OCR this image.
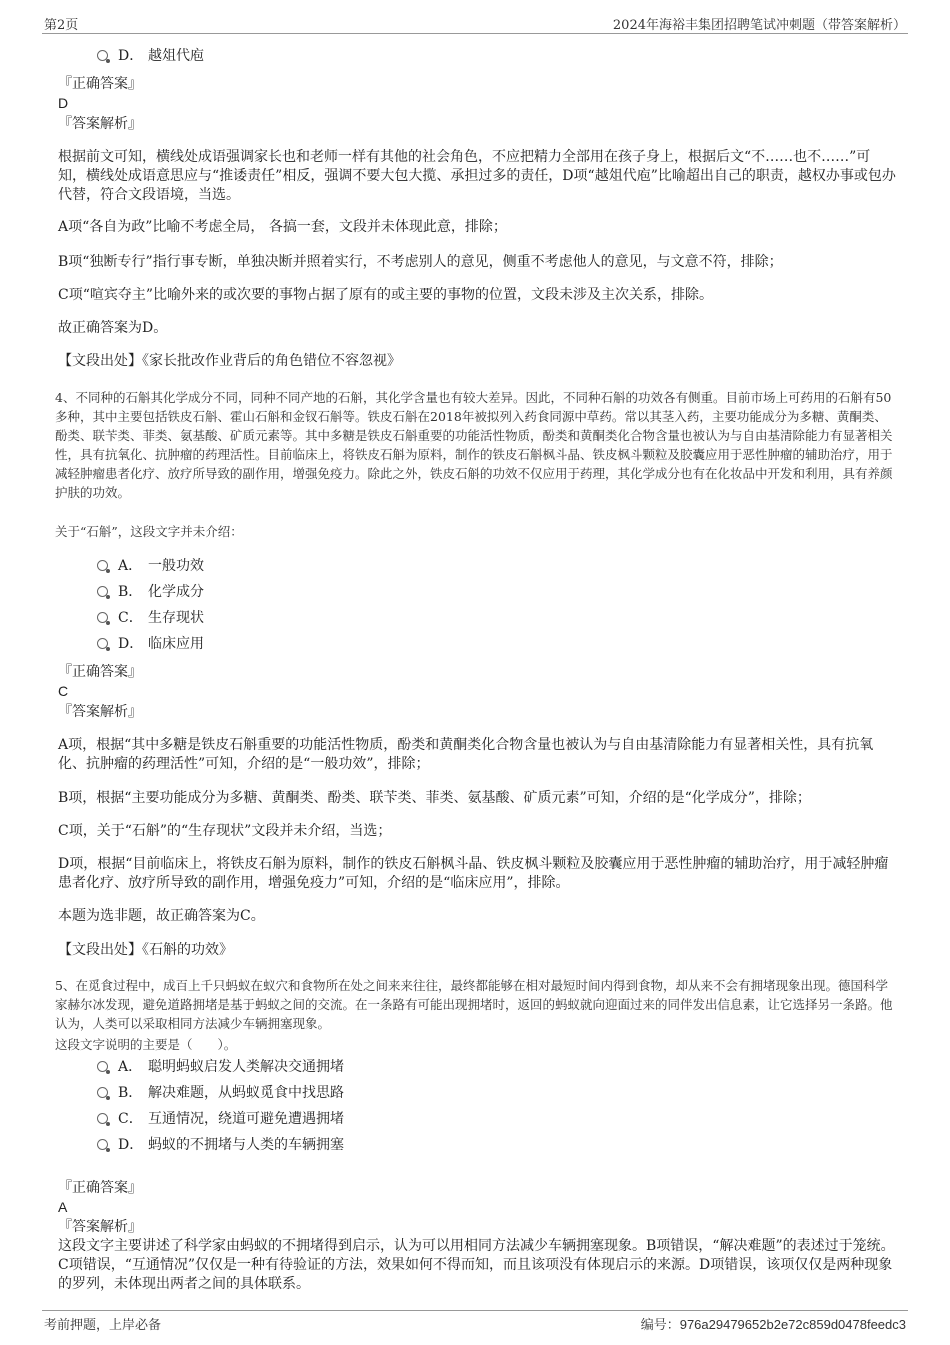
第2页	2024年海裕丰集团招聘笔试冲刺题（带答案解析）
D． 越俎代庖
『正确答案』
D
『答案解析』
根据前文可知，横线处成语强调家长也和老师一样有其他的社会角色，不应把精力全部用在孩子身上，根据后文“不……也不……”可知，横线处成语意思应与“推诿责任”相反，强调不要大包大揽、承担过多的责任，D项“越俎代庖”比喻超出自己的职责，越权办事或包办代替，符合文段语境，当选。
A项“各自为政”比喻不考虑全局， 各搞一套，文段并未体现此意，排除；
B项“独断专行”指行事专断，单独决断并照着实行，不考虑别人的意见，侧重不考虑他人的意见，与文意不符，排除；
C项“喧宾夺主”比喻外来的或次要的事物占据了原有的或主要的事物的位置，文段未涉及主次关系，排除。
故正确答案为D。
【文段出处】《家长批改作业背后的角色错位不容忽视》
4、不同种的石斛其化学成分不同，同种不同产地的石斛，其化学含量也有较大差异。因此，不同种石斛的功效各有侧重。目前市场上可药用的石斛有50多种，其中主要包括铁皮石斛、霍山石斛和金钗石斛等。铁皮石斛在2018年被拟列入药食同源中草药。常以其茎入药，主要功能成分为多糖、黄酮类、酚类、联苄类、菲类、氨基酸、矿质元素等。其中多糖是铁皮石斛重要的功能活性物质，酚类和黄酮类化合物含量也被认为与自由基清除能力有显著相关性，具有抗氧化、抗肿瘤的药理活性。目前临床上，将铁皮石斛为原料，制作的铁皮石斛枫斗晶、铁皮枫斗颗粒及胶囊应用于恶性肿瘤的辅助治疗，用于减轻肿瘤患者化疗、放疗所导致的副作用，增强免疫力。除此之外，铁皮石斛的功效不仅应用于药理，其化学成分也有在化妆品中开发和利用，具有养颜护肤的功效。
关于“石斛”，这段文字并未介绍：
A． 一般功效
B． 化学成分
C． 生存现状
D． 临床应用
『正确答案』
C
『答案解析』
A项，根据“其中多糖是铁皮石斛重要的功能活性物质，酚类和黄酮类化合物含量也被认为与自由基清除能力有显著相关性，具有抗氧化、抗肿瘤的药理活性”可知，介绍的是“一般功效”，排除；
B项，根据“主要功能成分为多糖、黄酮类、酚类、联苄类、菲类、氨基酸、矿质元素”可知，介绍的是“化学成分”，排除；
C项，关于“石斛”的“生存现状”文段并未介绍，当选；
D项，根据“目前临床上，将铁皮石斛为原料，制作的铁皮石斛枫斗晶、铁皮枫斗颗粒及胶囊应用于恶性肿瘤的辅助治疗，用于减轻肿瘤患者化疗、放疗所导致的副作用，增强免疫力”可知，介绍的是“临床应用”，排除。
本题为选非题，故正确答案为C。
【文段出处】《石斛的功效》
5、在觅食过程中，成百上千只蚂蚁在蚁穴和食物所在处之间来来往往，最终都能够在相对最短时间内得到食物，却从来不会有拥堵现象出现。德国科学家赫尔冰发现，避免道路拥堵是基于蚂蚁之间的交流。在一条路有可能出现拥堵时，返回的蚂蚁就向迎面过来的同伴发出信息素，让它选择另一条路。他认为，人类可以采取相同方法减少车辆拥塞现象。
这段文字说明的主要是（　　）。
A． 聪明蚂蚁启发人类解决交通拥堵
B． 解决难题，从蚂蚁觅食中找思路
C． 互通情况，绕道可避免遭遇拥堵
D． 蚂蚁的不拥堵与人类的车辆拥塞
『正确答案』
A
『答案解析』
这段文字主要讲述了科学家由蚂蚁的不拥堵得到启示，认为可以用相同方法减少车辆拥塞现象。B项错误，“解决难题”的表述过于笼统。C项错误，“互通情况”仅仅是一种有待验证的方法，效果如何不得而知，而且该项没有体现启示的来源。D项错误，该项仅仅是两种现象的罗列，未体现出两者之间的具体联系。
考前押题，上岸必备	编号：976a29479652b2e72c859d0478feedc3
